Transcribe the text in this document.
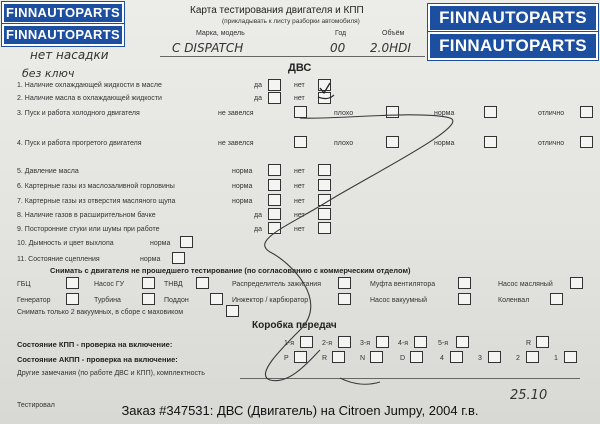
FINNAUTOPARTS	FINNAUTOPARTS
FINNAUTOPARTS
FINNAUTOPARTS
Карта тестирования двигателя и КПП
(прикладывать к листу разборки автомобиля)
Марка, модель	Год	Объём
C DISPATCH	00 2.0HDI
нет насадки
без ключ	ДВС
1. Наличие охлаждающей жидкости в масле	да	нет
2. Наличие масла в охлаждающей жидкости	да	нет
3. Пуск и работа холодного двигателя	не завелся	плохо	норма	отлично
4. Пуск и работа прогретого двигателя	не завелся	плохо	норма	отлично
5. Давление масла	норма	нет
6. Картерные газы из маслозаливной горловины	норма	нет
7. Картерные газы из отверстия масляного щупа	норма	нет
8. Наличие газов в расширительном бачке	да	нет
9. Посторонние стуки или шумы при работе	да	нет
10. Дымность и цвет выхлопа	норма
11. Состояние сцепления	норма
Снимать с двигателя не прошедшего тестирование (по согласованию с коммерческим отделом)
ГБЦ	Насос ГУ	ТНВД	Распределитель зажигания	Муфта вентилятора	Насос масляный
Генератор	Турбина	Поддон	Инжектор / карбюратор	Насос вакуумный	Коленвал
Снимать только 2 вакуумных, в сборе с маховиком
Коробка передач
Состояние КПП - проверка на включение:	1-я	2-я	3-я	4-я	5-я	R
Состояние АКПП - проверка на включение:	P	R	N	D	4	3	2	1
Другие замечания (по работе ДВС и КПП), комплектность
Тестировал
25.10
Заказ #347531: ДВС (Двигатель) на Citroen Jumpy, 2004 г.в.
